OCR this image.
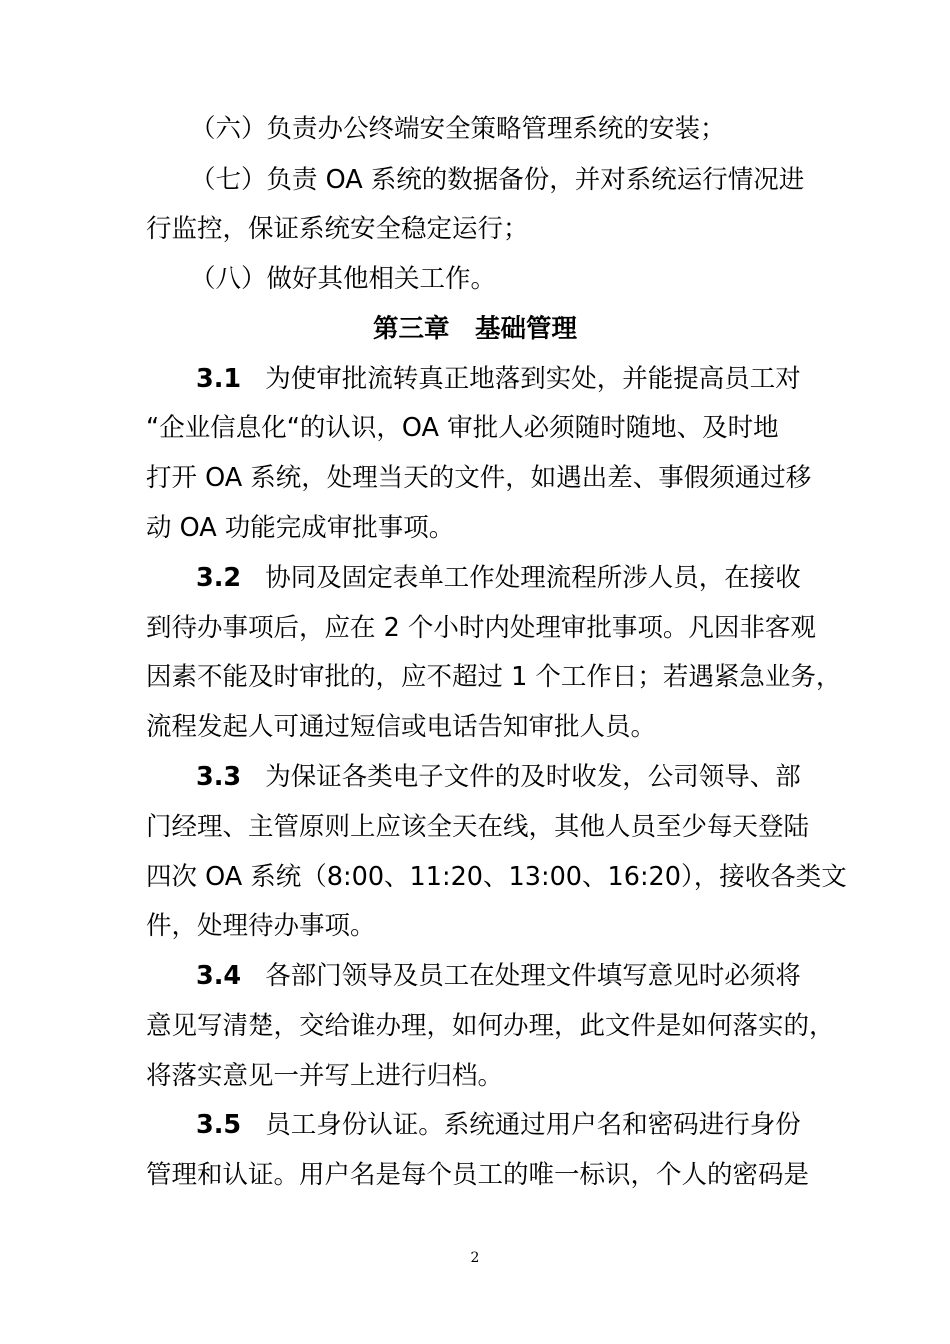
（六）负责办公终端安全策略管理系统的安装；
（七）负责 OA 系统的数据备份，并对系统运行情况进
行监控，保证系统安全稳定运行；
（八）做好其他相关工作。
第三章　基础管理
3.1 为使审批流转真正地落到实处，并能提高员工对
“企业信息化“的认识，OA 审批人必须随时随地、及时地
打开 OA 系统，处理当天的文件，如遇出差、事假须通过移
动 OA 功能完成审批事项。
3.2 协同及固定表单工作处理流程所涉人员，在接收
到待办事项后，应在 2 个小时内处理审批事项。凡因非客观
因素不能及时审批的，应不超过 1 个工作日；若遇紧急业务，
流程发起人可通过短信或电话告知审批人员。
3.3 为保证各类电子文件的及时收发，公司领导、部
门经理、主管原则上应该全天在线，其他人员至少每天登陆
四次 OA 系统（8:00、11:20、13:00、16:20），接收各类文
件，处理待办事项。
3.4 各部门领导及员工在处理文件填写意见时必须将
意见写清楚，交给谁办理，如何办理，此文件是如何落实的，
将落实意见一并写上进行归档。
3.5 员工身份认证。系统通过用户名和密码进行身份
管理和认证。用户名是每个员工的唯一标识，个人的密码是
2
